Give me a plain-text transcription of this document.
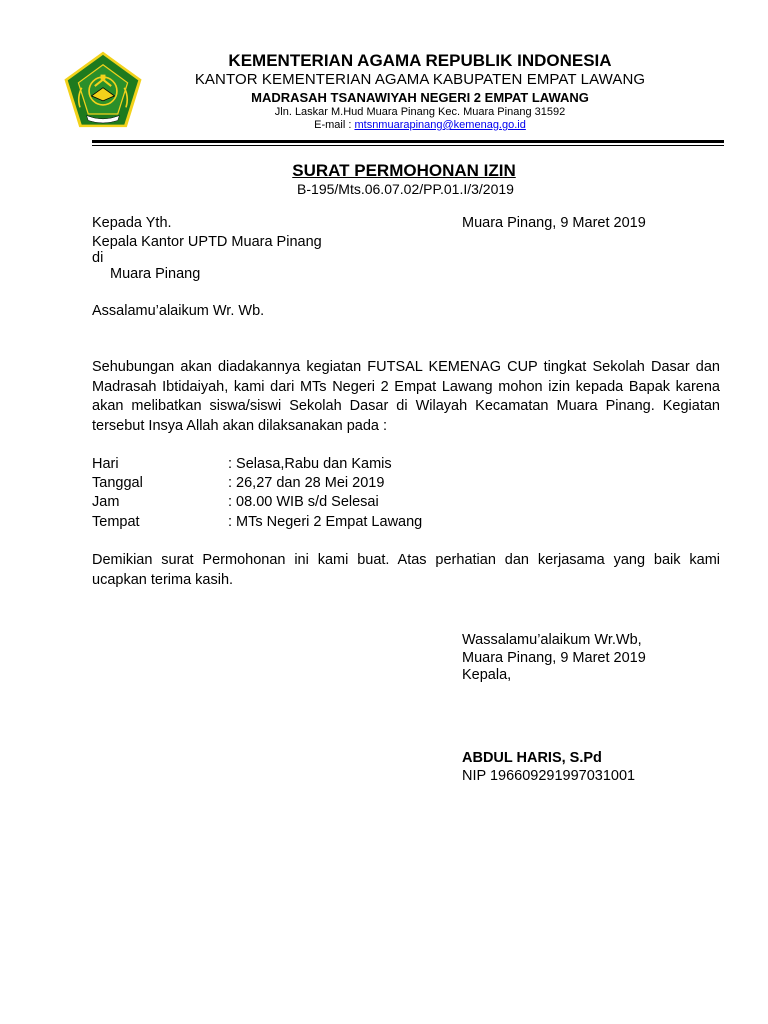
KEMENTERIAN AGAMA REPUBLIK INDONESIA
KANTOR KEMENTERIAN AGAMA KABUPATEN EMPAT LAWANG
MADRASAH TSANAWIYAH NEGERI 2 EMPAT LAWANG
Jln. Laskar M.Hud Muara Pinang Kec. Muara Pinang 31592
E-mail : mtsnmuarapinang@kemenag.go.id
SURAT PERMOHONAN IZIN
B-195/Mts.06.07.02/PP.01.I/3/2019
Kepada Yth.
Kepala Kantor UPTD Muara Pinang
di
Muara Pinang
Muara Pinang, 9 Maret 2019
Assalamu’alaikum Wr. Wb.
Sehubungan akan diadakannya kegiatan FUTSAL KEMENAG CUP tingkat Sekolah Dasar dan Madrasah Ibtidaiyah, kami dari MTs Negeri 2 Empat Lawang mohon izin kepada Bapak karena akan melibatkan siswa/siswi Sekolah Dasar di Wilayah Kecamatan Muara Pinang. Kegiatan tersebut Insya Allah akan dilaksanakan pada :
Hari	: Selasa,Rabu dan Kamis
Tanggal	: 26,27 dan 28 Mei 2019
Jam	: 08.00 WIB s/d Selesai
Tempat	: MTs Negeri 2 Empat Lawang
Demikian surat Permohonan ini kami buat. Atas perhatian dan kerjasama yang baik kami ucapkan terima kasih.
Wassalamu’alaikum Wr.Wb,
Muara Pinang, 9 Maret 2019
Kepala,
ABDUL HARIS, S.Pd
NIP 196609291997031001
